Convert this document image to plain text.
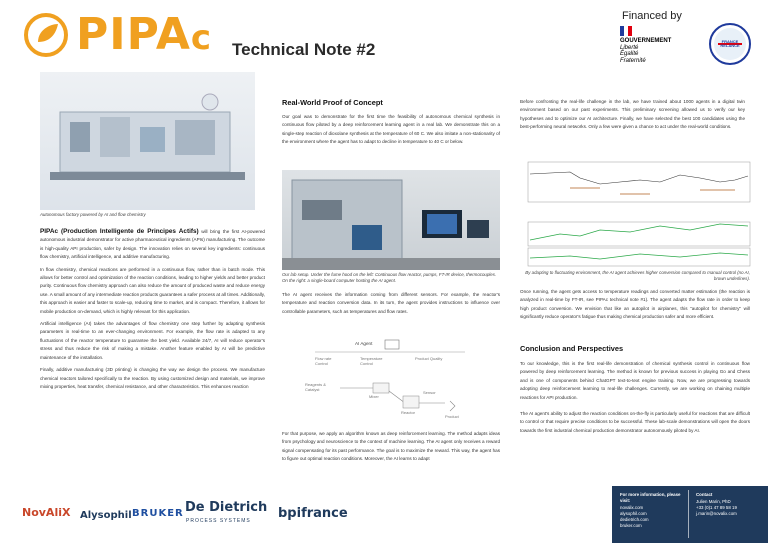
PIPAc Technical Note #2
Financed by
GOUVERNEMENT
Liberté Égalité Fraternité
FRANCE RELANCE
Autonomous factory powered by AI and flow chemistry

PIPAc (Production Intelligente de Principes Actifs) will bring the first AI-powered autonomous industrial demonstrator for active pharmaceutical ingredients (APIs) manufacturing. The outcome is high-quality API production, safer by design. The innovation relies on several key ingredients: continuous flow chemistry, artificial intelligence, and additive manufacturing.

In flow chemistry, chemical reactions are performed in a continuous flow, rather than in batch mode. This allows for better control and optimization of the reaction conditions, leading to higher yields and better product purity. Continuous flow chemistry approach can also reduce the amount of produced waste and reduce energy use. A small amount of any intermediate reaction products guarantees a safer process at all times. Additionally, this approach is easier and faster to scale-up, reducing time to market, and is compact. Therefore, it allows for mobile production on-demand, which is highly relevant for this application.

Artificial intelligence (AI) takes the advantages of flow chemistry one step further by adapting synthesis parameters in real-time to an ever-changing environment. For example, the flow rate is adapted to any fluctuations of the reactor temperature to guarantee the best yield. Available 24/7, AI will reduce operator's stress and thus reduce the risk of making a mistake. Another feature enabled by AI will be predictive maintenance of the installation.

Finally, additive manufacturing (3D printing) is changing the way we design the process. We manufacture chemical reactors tailored specifically to the reaction. By using customized design and materials, we improve mixing properties, heat transfer, chemical resistance, and other characteristics. This enhances reaction

Real-World Proof of Concept

Our goal was to demonstrate for the first time the feasibility of autonomous chemical synthesis in continuous flow piloted by a deep reinforcement learning agent in a real lab. We demonstrate this on a single-step reaction of dioxolane synthesis at the temperature of 60 C. We also imitate a non-stationarity of the environment where the agent has to adapt to decline in temperature to 40 C or below.

Our lab setup. Under the fume hood on the left: Continuous flow reactor, pumps, FT-IR device, thermocouples. On the right: a single-board computer hosting the AI agent.

The AI agent receives the information coming from different sensors. For example, the reactor's temperature and reaction conversion data. In its turn, the agent provides instructions to influence over controllable parameters, such as temperatures and flow rates.

AI Agent
Flow rate Control
Temperature Control
Product Quality
Reagents & Catalyst
Mixer
Reactor
Sensor
Product

For that purpose, we apply an algorithm known as deep reinforcement learning. The method adapts ideas from psychology and neuroscience to the context of machine learning. The AI agent only receives a reward signal compensating for its past performance. The goal is to maximize the reward. This way, the agent has to figure out optimal reaction conditions. Moreover, the AI learns to adapt

Before confronting the real-life challenge in the lab, we have trained about 1000 agents in a digital twin environment based on our past experiments. This preliminary screening allowed us to verify our key hypotheses and to optimize our AI architecture. Finally, we have selected the best 100 candidates using the best-performing neural networks. Only a few were given a chance to act under the real-world conditions.

By adapting to fluctuating environment, the AI agent achieves higher conversion compared to manual control (no AI, brown underlines).

Once running, the agent gets access to temperature readings and converted matter estimation (the reaction is analyzed in real-time by FT-IR, see PIPAc technical note #1). The agent adapts the flow rate in order to keep high product conversion. We envision that like an autopilot in airplanes, this "autopilot for chemistry" will significantly reduce operator's fatigue thus making chemical production safer and more efficient.

Conclusion and Perspectives

To our knowledge, this is the first real-life demonstration of chemical synthesis control in continuous flow powered by deep reinforcement learning. The method is known for previous success in playing Go and Chess and is one of components behind ChatGPT text-to-text engine training. Now, we are progressing towards adopting deep reinforcement learning to real-life challenges. Currently, we are working on chaining multiple reactions for API production.

The AI agent's ability to adjust the reaction conditions on-the-fly is particularly useful for reactions that are difficult to control or that require precise conditions to be successful. These lab-scale demonstrations will open the doors towards the first industrial chemical production demonstrator autonomously piloted by AI.

NovAliX Alysophil BRUKER De Dietrich
PROCESS SYSTEMS bpifrance
For more information, please visit:
novalix.com
alysophil.com
dedietrich.com
bruker.com
Contact
Julien Marin, PhD
+33 (0)1 47 89 58 19
j.marin@novalix.com
